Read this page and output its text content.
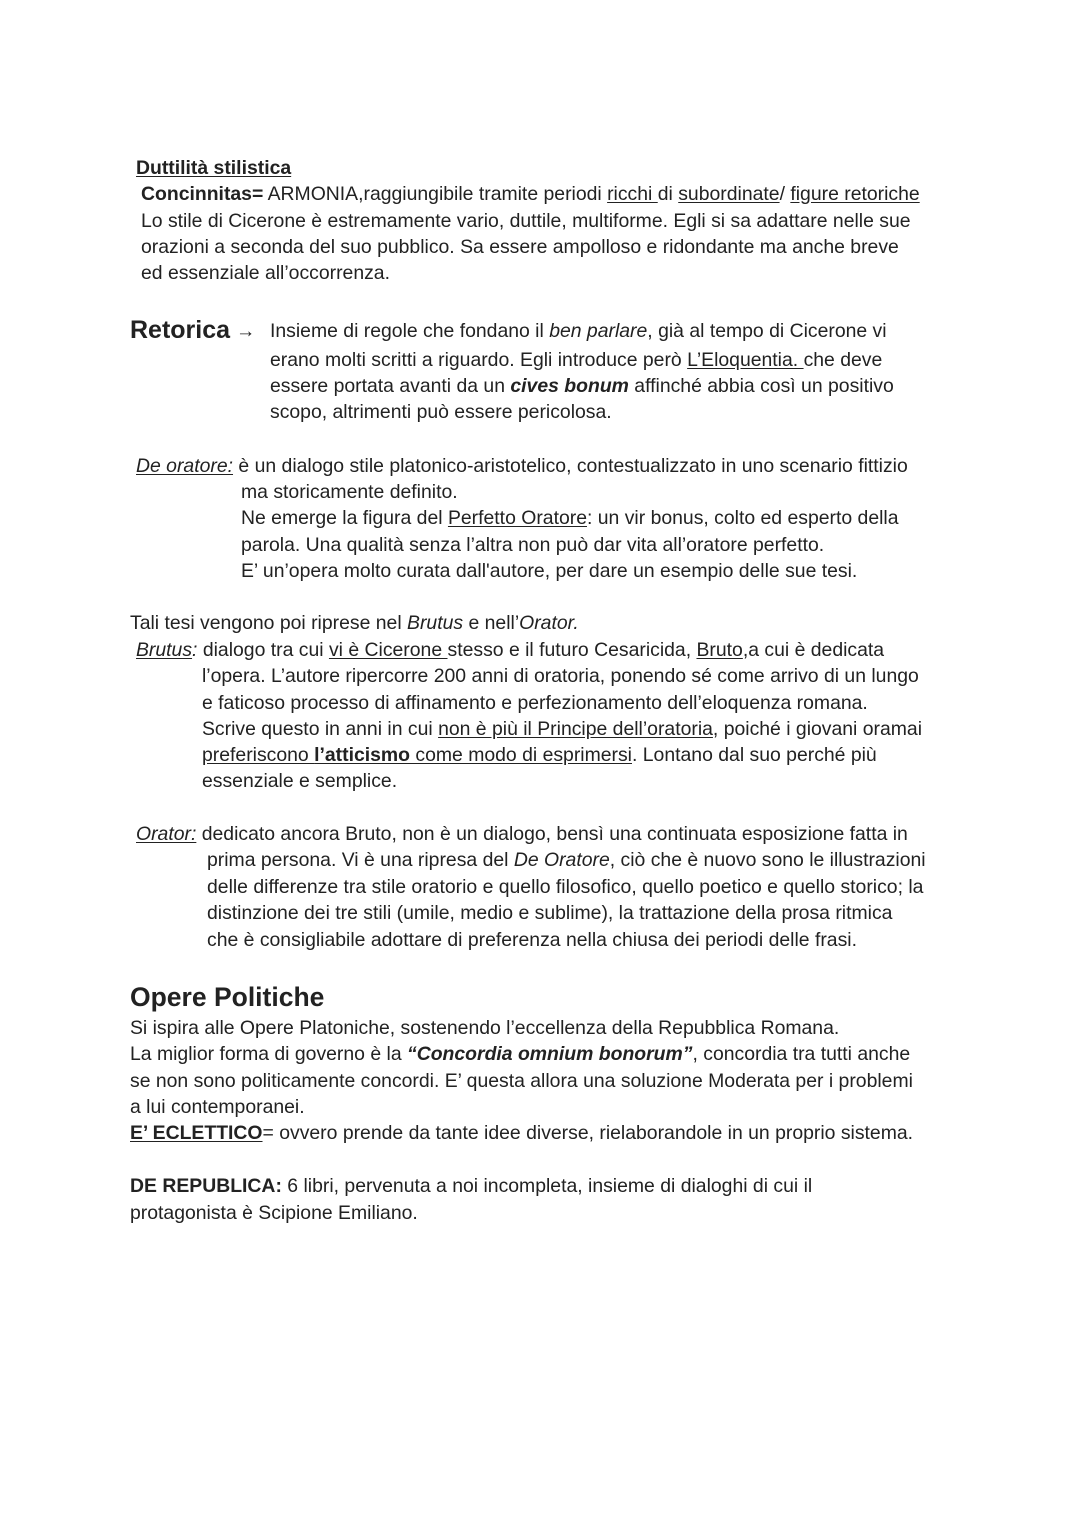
Duttilità stilistica
Concinnitas= ARMONIA,raggiungibile tramite periodi ricchi di subordinate/ figure retoriche
Lo stile di Cicerone è estremamente vario, duttile, multiforme. Egli si sa adattare nelle sue
orazioni a seconda del suo pubblico. Sa essere ampolloso e ridondante ma anche breve
ed essenziale all’occorrenza.
Retorica → Insieme di regole che fondano il ben parlare, già al tempo di Cicerone vi
erano molti scritti a riguardo. Egli introduce però L’Eloquentia. che deve
essere portata avanti da un cives bonum affinché abbia così un positivo
scopo, altrimenti può essere pericolosa.
De oratore: è un dialogo stile platonico-aristotelico, contestualizzato in uno scenario fittizio
ma storicamente definito.
Ne emerge la figura del Perfetto Oratore: un vir bonus, colto ed esperto della
parola. Una qualità senza l’altra non può dar vita all’oratore perfetto.
E’ un’opera molto curata dall'autore, per dare un esempio delle sue tesi.
Tali tesi vengono poi riprese nel Brutus e nell’Orator.
Brutus: dialogo tra cui vi è Cicerone stesso e il futuro Cesaricida, Bruto,a cui è dedicata
l’opera. L’autore ripercorre 200 anni di oratoria, ponendo sé come arrivo di un lungo
e faticoso processo di affinamento e perfezionamento dell’eloquenza romana.
Scrive questo in anni in cui non è più il Principe dell’oratoria, poiché i giovani oramai
preferiscono l’atticismo come modo di esprimersi. Lontano dal suo perché più
essenziale e semplice.
Orator: dedicato ancora Bruto, non è un dialogo, bensì una continuata esposizione fatta in
prima persona. Vi è una ripresa del De Oratore, ciò che è nuovo sono le illustrazioni
delle differenze tra stile oratorio e quello filosofico, quello poetico e quello storico; la
distinzione dei tre stili (umile, medio e sublime), la trattazione della prosa ritmica
che è consigliabile adottare di preferenza nella chiusa dei periodi delle frasi.
Opere Politiche
Si ispira alle Opere Platoniche, sostenendo l’eccellenza della Repubblica Romana.
La miglior forma di governo è la “Concordia omnium bonorum”, concordia tra tutti anche
se non sono politicamente concordi. E’ questa allora una soluzione Moderata per i problemi
a lui contemporanei.
E’ ECLETTICO= ovvero prende da tante idee diverse, rielaborandole in un proprio sistema.
DE REPUBLICA: 6 libri, pervenuta a noi incompleta, insieme di dialoghi di cui il
protagonista è Scipione Emiliano.
